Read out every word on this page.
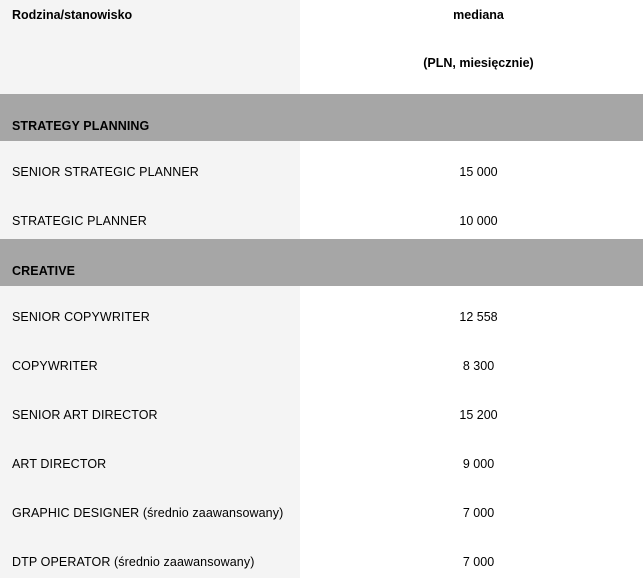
Rodzina/stanowisko	mediana
(PLN, miesięcznie)
STRATEGY PLANNING
SENIOR STRATEGIC PLANNER	15 000
STRATEGIC PLANNER	10 000
CREATIVE
SENIOR COPYWRITER	12 558
COPYWRITER	8 300
SENIOR ART DIRECTOR	15 200
ART DIRECTOR	9 000
GRAPHIC DESIGNER (średnio zaawansowany)	7 000
DTP OPERATOR (średnio zaawansowany)	7 000
